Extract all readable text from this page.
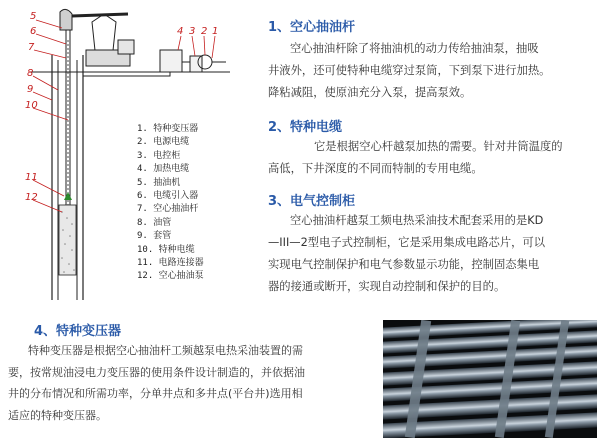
5
6
7
8
9
10
11
12
4 3 2 1
1. 特种变压器
2. 电源电缆
3. 电控柜
4. 加热电缆
5. 抽油机
6. 电缆引入器
7. 空心抽油杆
8. 油管
9. 套管
10. 特种电缆
11. 电路连接器
12. 空心抽油泵
1、空心抽油杆

空心抽油杆除了将抽油机的动力传给抽油泵，抽吸

井液外，还可使特种电缆穿过泵筒，下到泵下进行加热。

降粘减阻，使原油充分入泵，提高泵效。

2、特种电缆

它是根据空心杆越泵加热的需要。针对井筒温度的

高低，下井深度的不同而特制的专用电缆。

3、电气控制柜

空心抽油杆越泵工频电热采油技术配套采用的是KD

—III—2型电子式控制柜，它是采用集成电路芯片，可以

实现电气控制保护和电气参数显示功能，控制固态集电

器的接通或断开，实现自动控制和保护的目的。

4、特种变压器

特种变压器是根据空心抽油杆工频越泵电热采油装置的需

要，按常规油浸电力变压器的使用条件设计制造的，并依据油

井的分布情况和所需功率，分单井点和多井点(平台井)选用相

适应的特种变压器。
